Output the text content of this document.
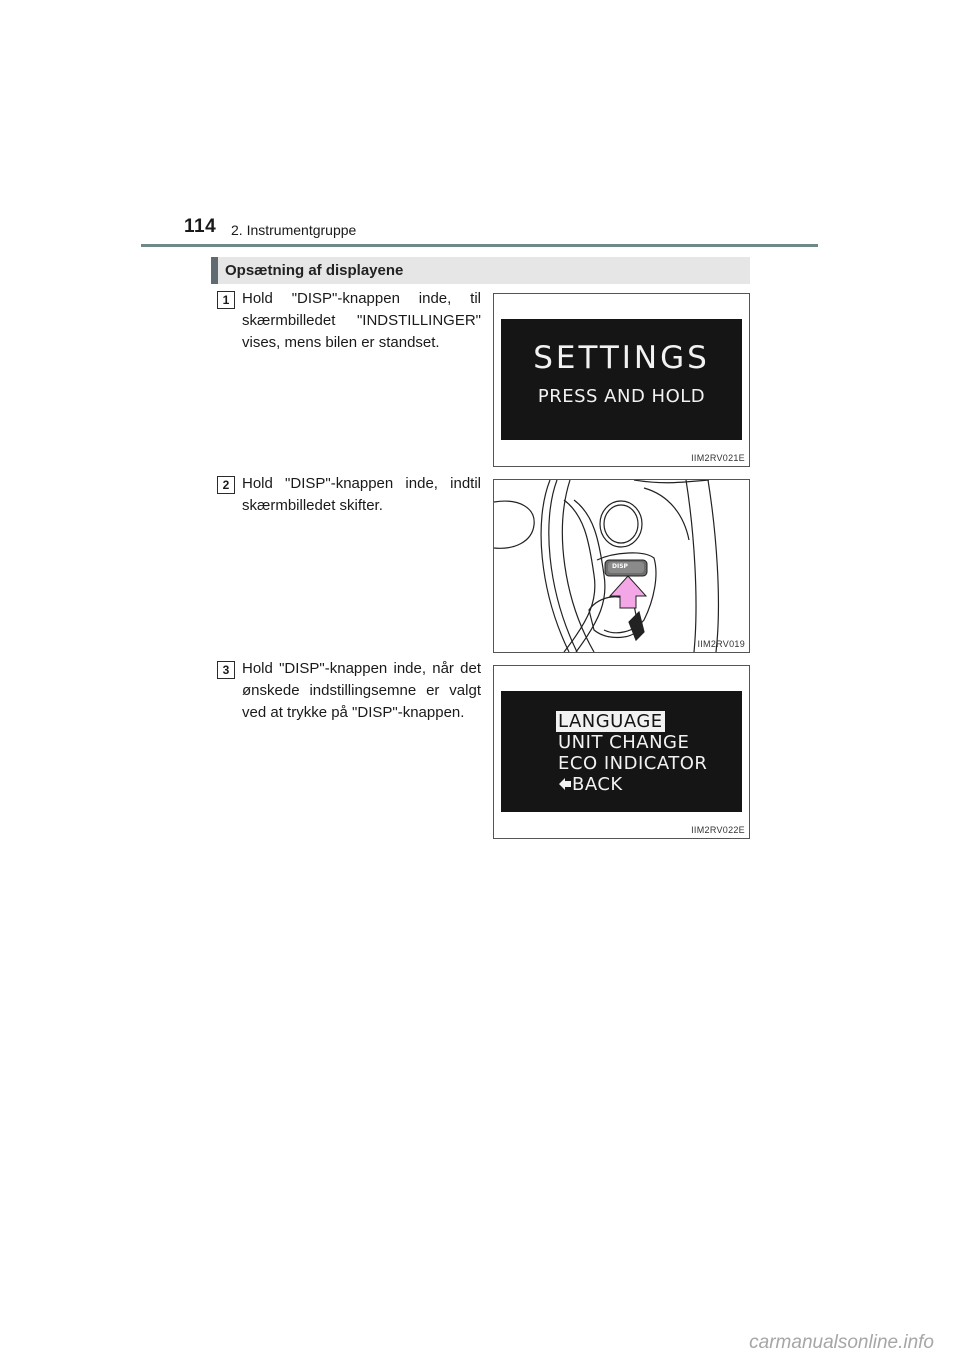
114 2. Instrumentgruppe
Opsætning af displayene
1 Hold "DISP"-knappen inde, til skærmbilledet "INDSTILLINGER" vises, mens bilen er standset.	SETTINGS
PRESS AND HOLD
IIM2RV021E
2 Hold "DISP"-knappen inde, indtil skærmbilledet skifter.
DISP
IIM2RV019
3 Hold "DISP"-knappen inde, når det ønskede indstillingsemne er valgt ved at trykke på "DISP"-knappen.	LANGUAGE
UNIT CHANGE
ECO INDICATOR
BACK
IIM2RV022E
carmanualsonline.info
